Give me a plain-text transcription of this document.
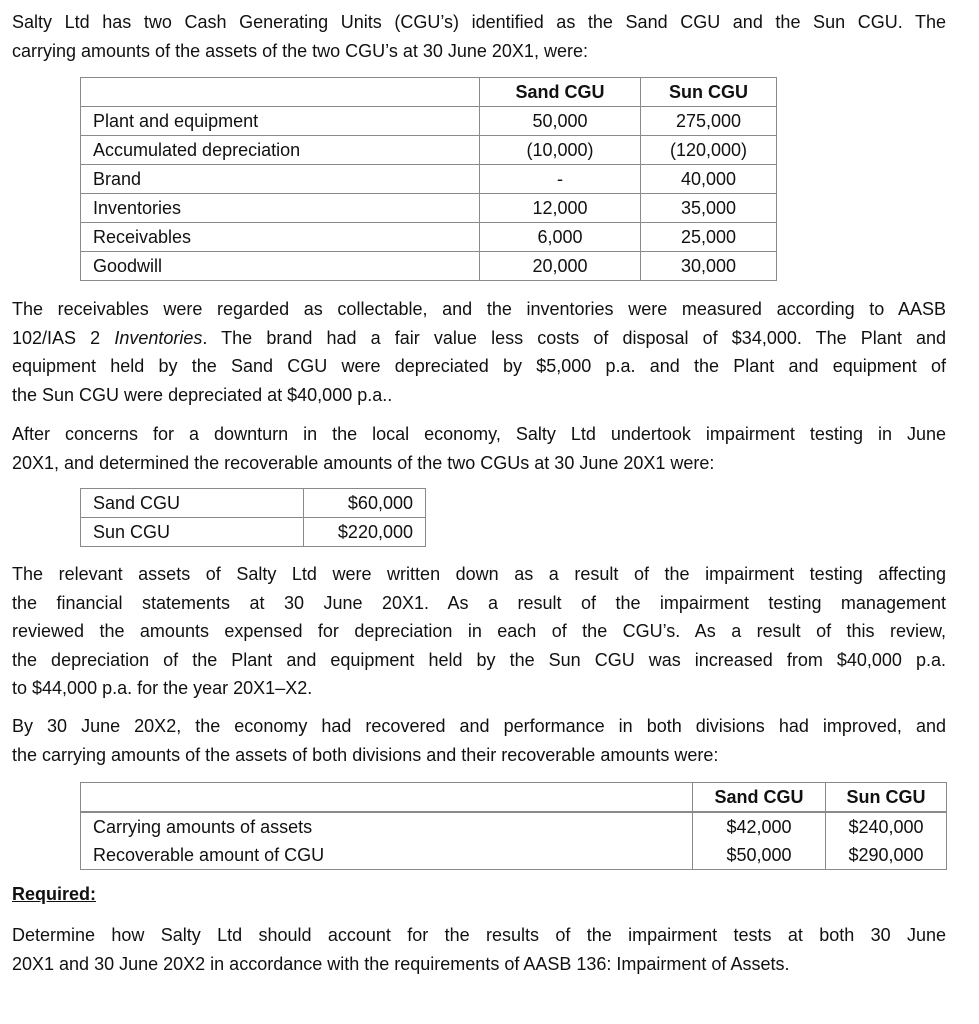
Salty Ltd has two Cash Generating Units (CGU’s) identified as the Sand CGU and the Sun CGU. The
carrying amounts of the assets of the two CGU’s at 30 June 20X1, were:
	Sand CGU	Sun CGU
Plant and equipment	50,000	275,000
Accumulated depreciation	(10,000)	(120,000)
Brand	-	40,000
Inventories	12,000	35,000
Receivables	6,000	25,000
Goodwill	20,000	30,000
The receivables were regarded as collectable, and the inventories were measured according to AASB
102/IAS 2 Inventories. The brand had a fair value less costs of disposal of $34,000. The Plant and
equipment held by the Sand CGU were depreciated by $5,000 p.a. and the Plant and equipment of
the Sun CGU were depreciated at $40,000 p.a..
After concerns for a downturn in the local economy, Salty Ltd undertook impairment testing in June
20X1, and determined the recoverable amounts of the two CGUs at 30 June 20X1 were:
Sand CGU	$60,000
Sun CGU	$220,000
The relevant assets of Salty Ltd were written down as a result of the impairment testing affecting
the financial statements at 30 June 20X1. As a result of the impairment testing management
reviewed the amounts expensed for depreciation in each of the CGU’s. As a result of this review,
the depreciation of the Plant and equipment held by the Sun CGU was increased from $40,000 p.a.
to $44,000 p.a. for the year 20X1–X2.
By 30 June 20X2, the economy had recovered and performance in both divisions had improved, and
the carrying amounts of the assets of both divisions and their recoverable amounts were:
	Sand CGU	Sun CGU
Carrying amounts of assets	$42,000	$240,000
Recoverable amount of CGU	$50,000	$290,000
Required:
Determine how Salty Ltd should account for the results of the impairment tests at both 30 June
20X1 and 30 June 20X2 in accordance with the requirements of AASB 136: Impairment of Assets.
